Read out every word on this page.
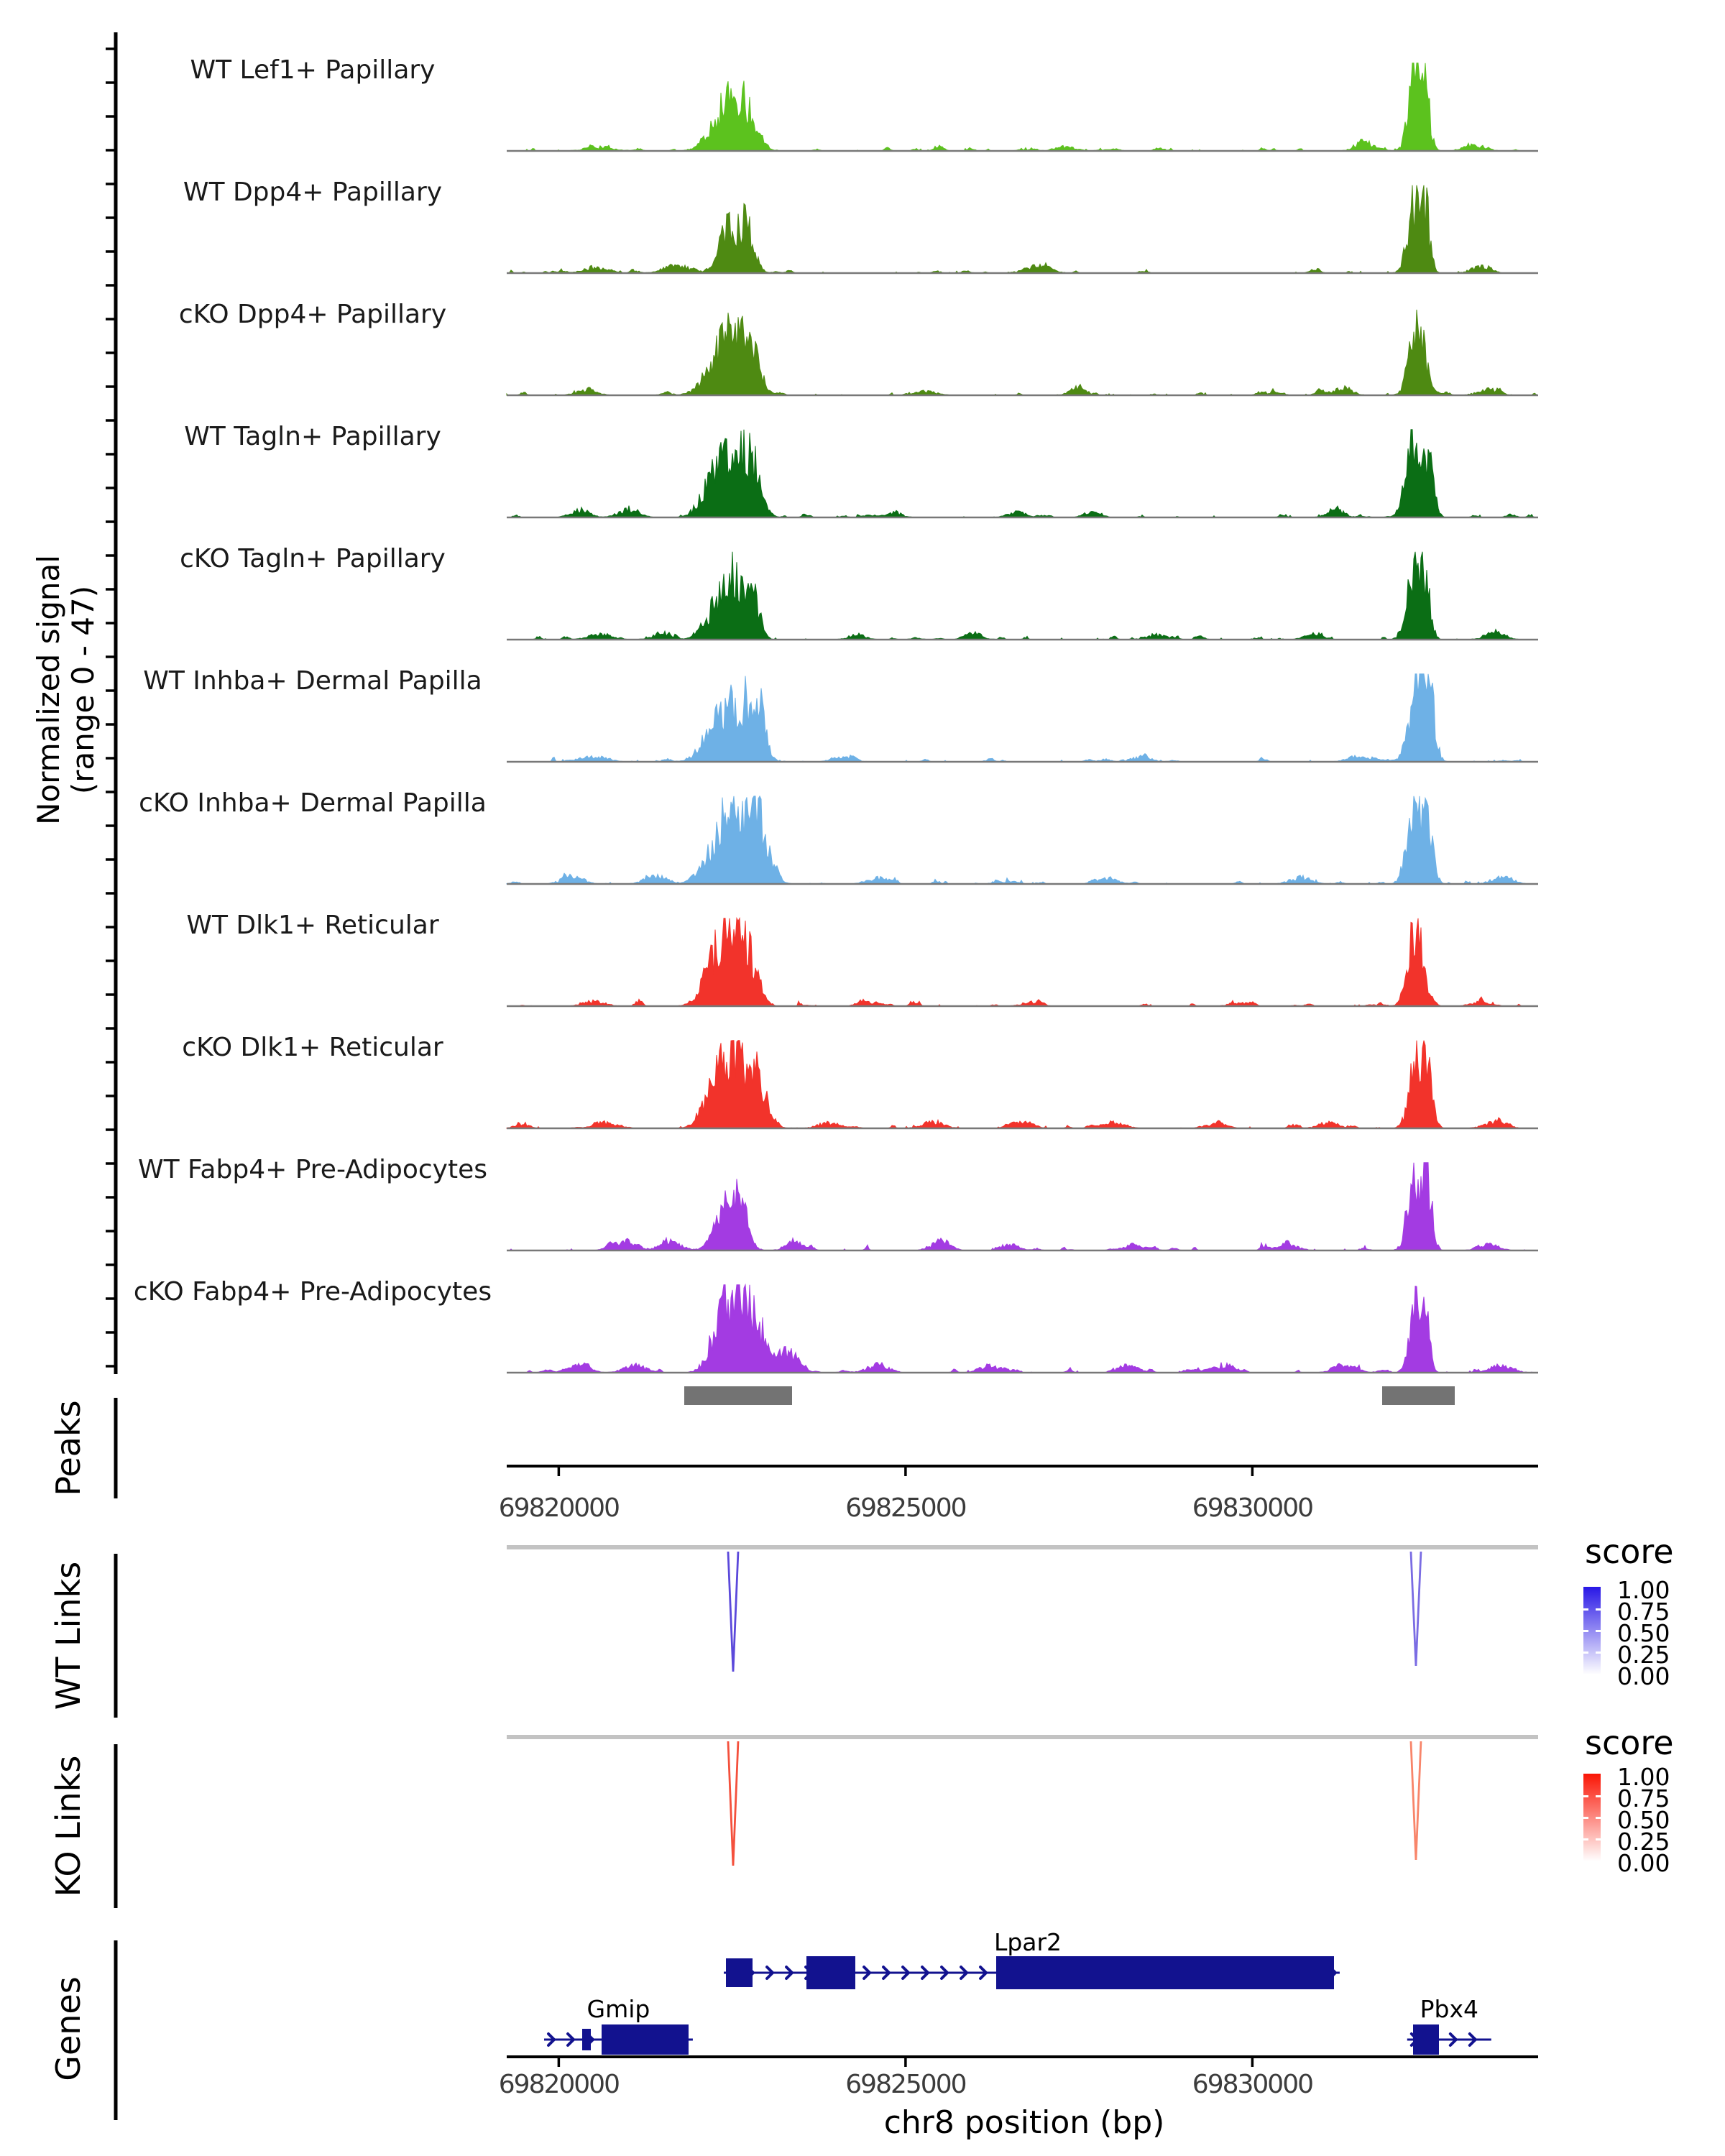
Normalized signal (range 0 - 47)
Peaks
WT Links
KO Links
Genes
score
score
chr8 position (bp)
WT Lef1+ Papillary
WT Dpp4+ Papillary
cKO Dpp4+ Papillary
WT Tagln+ Papillary
cKO Tagln+ Papillary
WT Inhba+ Dermal Papilla
cKO Inhba+ Dermal Papilla
WT Dlk1+ Reticular
cKO Dlk1+ Reticular
WT Fabp4+ Pre-Adipocytes
cKO Fabp4+ Pre-Adipocytes
69820000	69825000	69830000
69820000	69825000	69830000
1.00
0.75
0.50
0.25
0.00
1.00
0.75
0.50
0.25
0.00
Lpar2
Gmip	Pbx4
